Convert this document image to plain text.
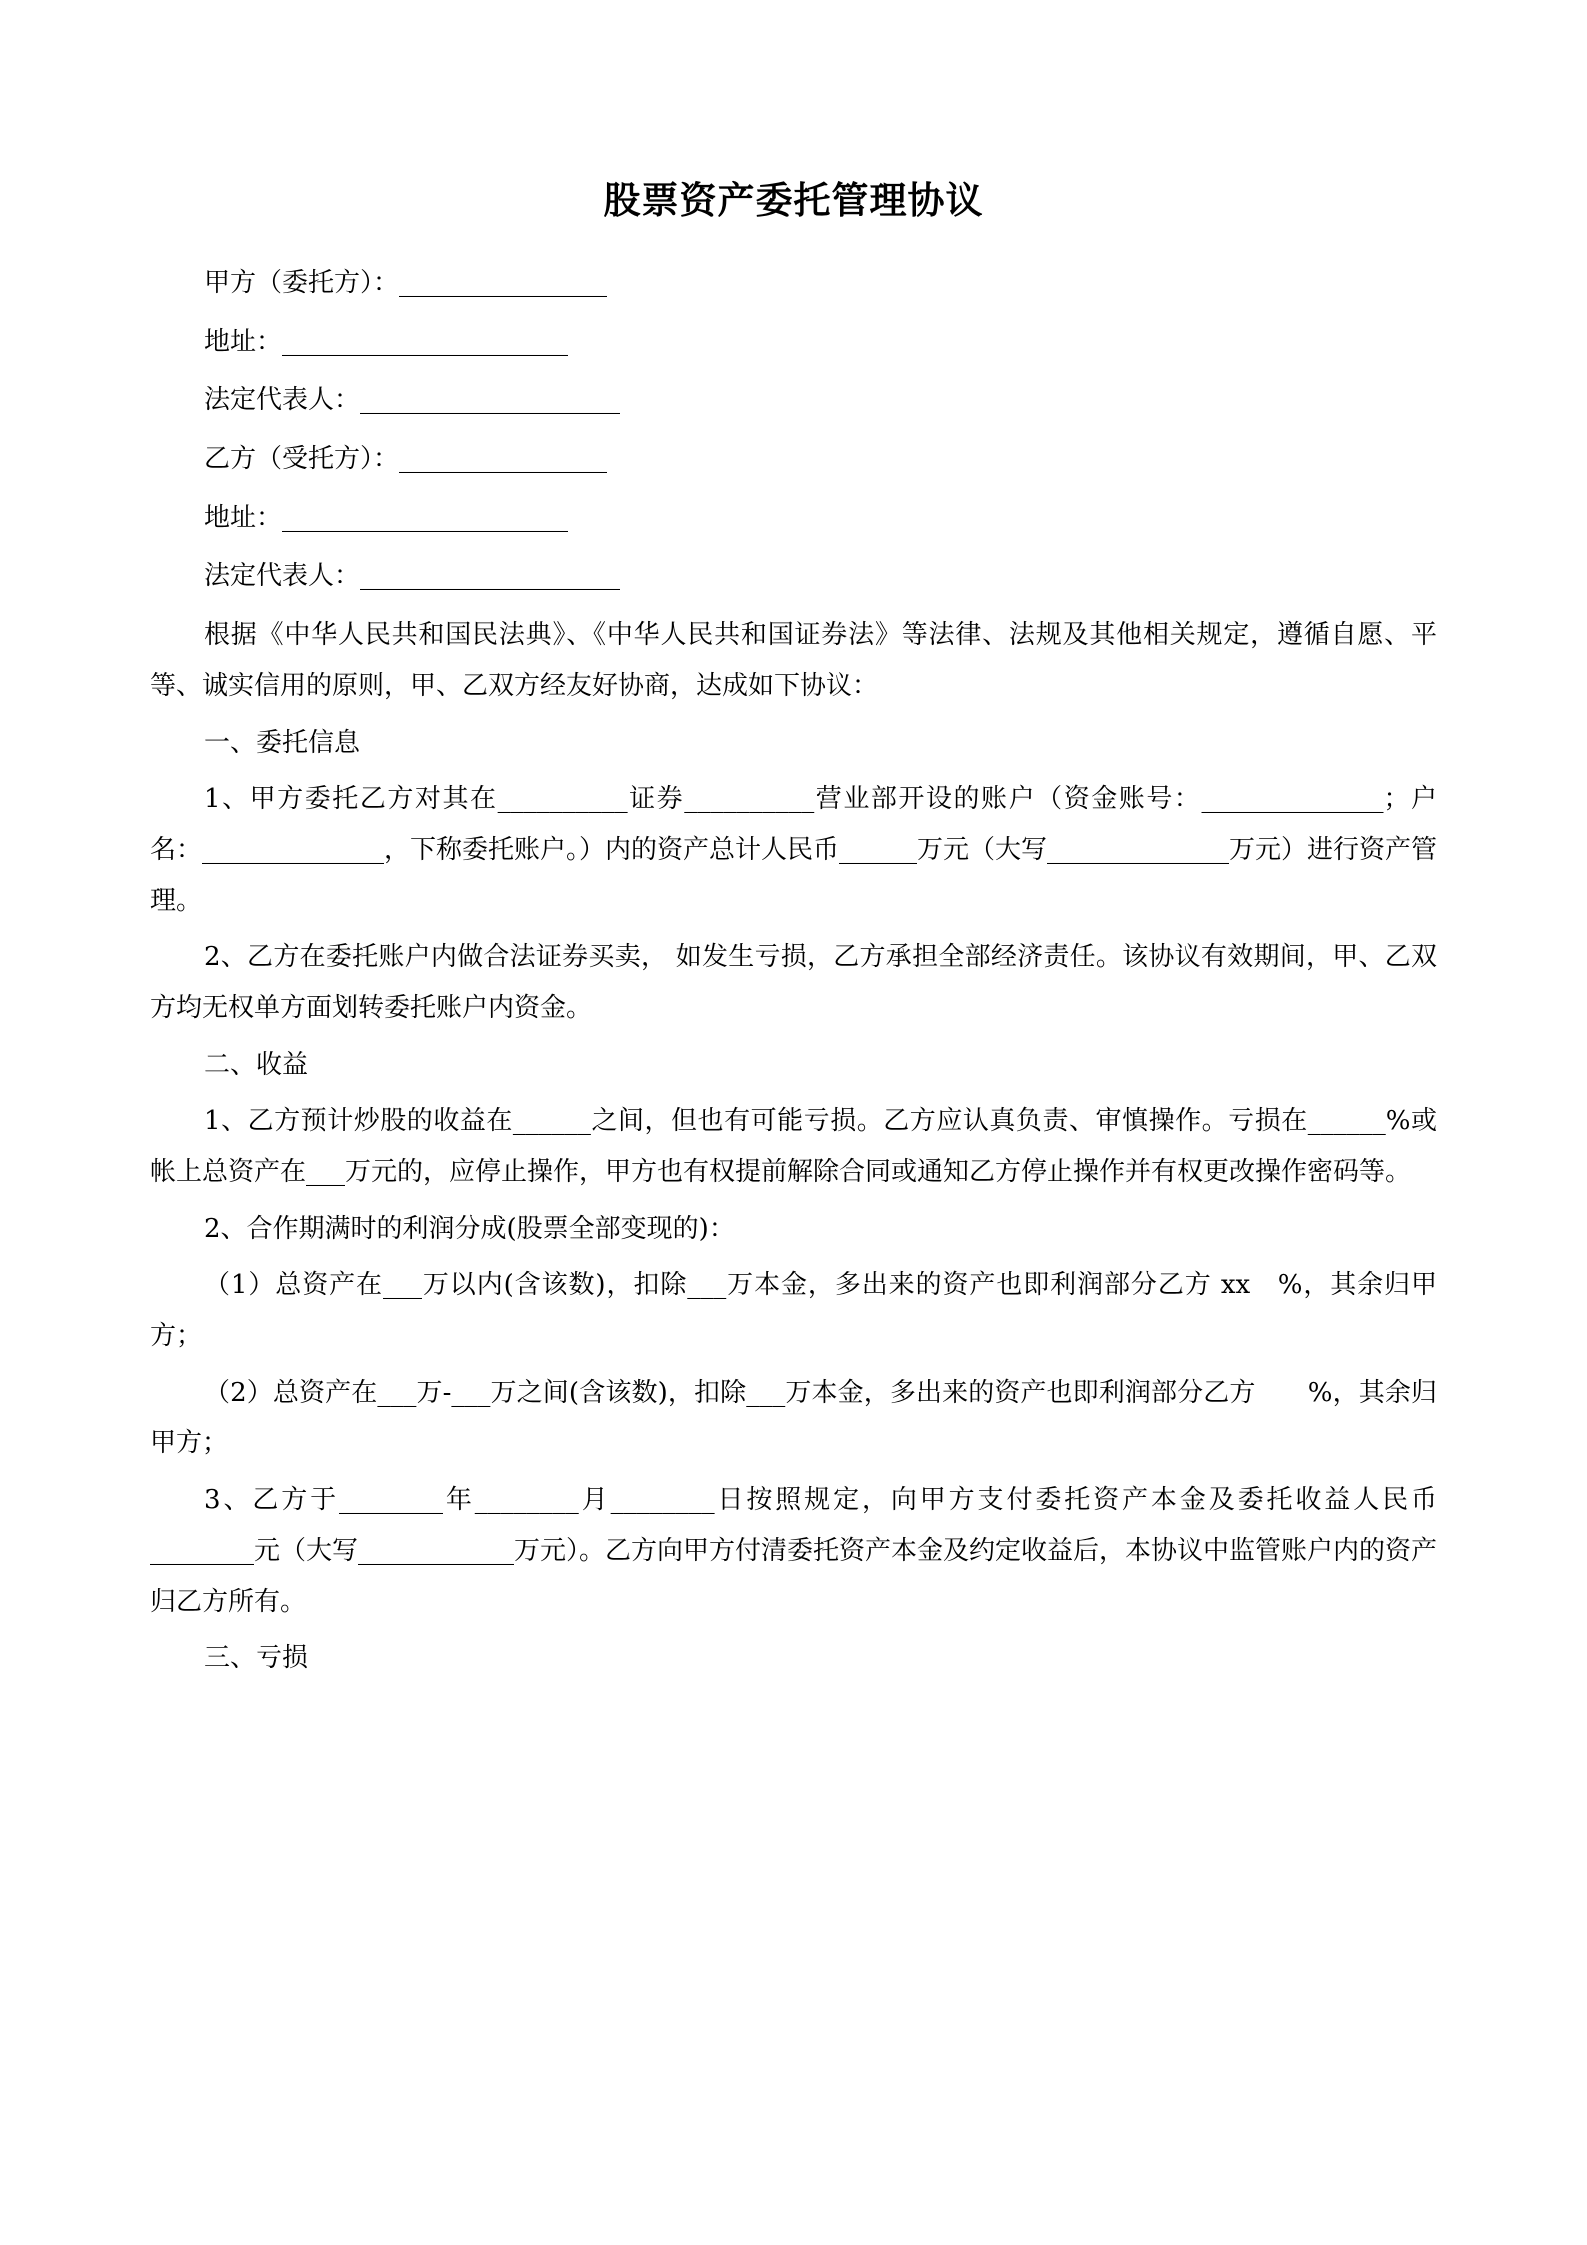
股票资产委托管理协议
甲方（委托方）：________________
地址：______________________
法定代表人：____________________
乙方（受托方）：________________
地址：______________________
法定代表人：____________________

根据《中华人民共和国民法典》、《中华人民共和国证券法》等法律、法规及其他相关规定，遵循自愿、平等、诚实信用的原则，甲、乙双方经友好协商，达成如下协议：

一、委托信息

1、甲方委托乙方对其在__________证券__________营业部开设的账户（资金账号：______________；户名：______________，下称委托账户。）内的资产总计人民币______万元（大写______________万元）进行资产管理。

2、乙方在委托账户内做合法证券买卖， 如发生亏损，乙方承担全部经济责任。该协议有效期间，甲、乙双方均无权单方面划转委托账户内资金。

二、收益

1、乙方预计炒股的收益在______之间，但也有可能亏损。乙方应认真负责、审慎操作。亏损在______%或帐上总资产在___万元的，应停止操作，甲方也有权提前解除合同或通知乙方停止操作并有权更改操作密码等。

2、合作期满时的利润分成(股票全部变现的)：

（1）总资产在___万以内(含该数)，扣除___万本金，多出来的资产也即利润部分乙方 xx   %，其余归甲方；

（2）总资产在___万-___万之间(含该数)，扣除___万本金，多出来的资产也即利润部分乙方　　%，其余归甲方；

3、乙方于________年________月________日按照规定，向甲方支付委托资产本金及委托收益人民币________元（大写____________万元）。乙方向甲方付清委托资产本金及约定收益后，本协议中监管账户内的资产归乙方所有。

三、亏损
